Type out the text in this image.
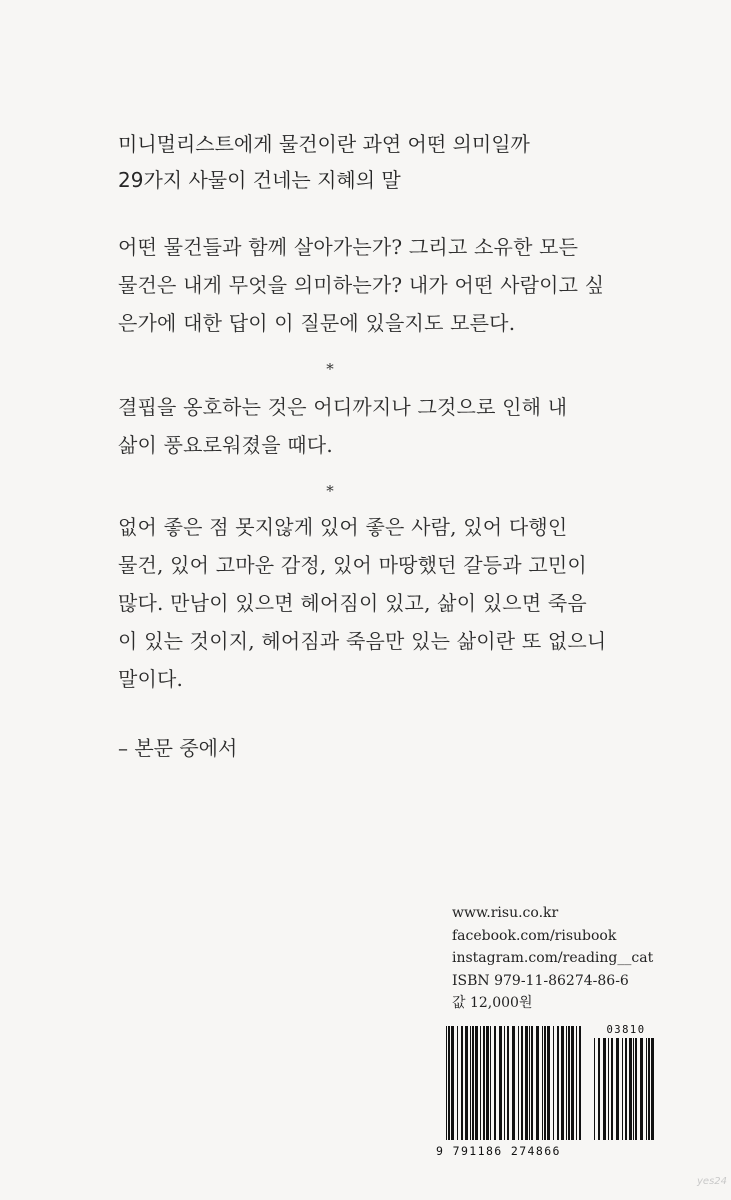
미니멀리스트에게 물건이란 과연 어떤 의미일까
29가지 사물이 건네는 지혜의 말
어떤 물건들과 함께 살아가는가? 그리고 소유한 모든
물건은 내게 무엇을 의미하는가? 내가 어떤 사람이고 싶
은가에 대한 답이 이 질문에 있을지도 모른다.
*
결핍을 옹호하는 것은 어디까지나 그것으로 인해 내
삶이 풍요로워졌을 때다.
*
없어 좋은 점 못지않게 있어 좋은 사람, 있어 다행인
물건, 있어 고마운 감정, 있어 마땅했던 갈등과 고민이
많다. 만남이 있으면 헤어짐이 있고, 삶이 있으면 죽음
이 있는 것이지, 헤어짐과 죽음만 있는 삶이란 또 없으니
말이다.
– 본문 중에서
www.risu.co.kr
facebook.com/risubook
instagram.com/reading__cat
ISBN 979-11-86274-86-6
값 12,000원
9 791186 274866
03810
yes24
